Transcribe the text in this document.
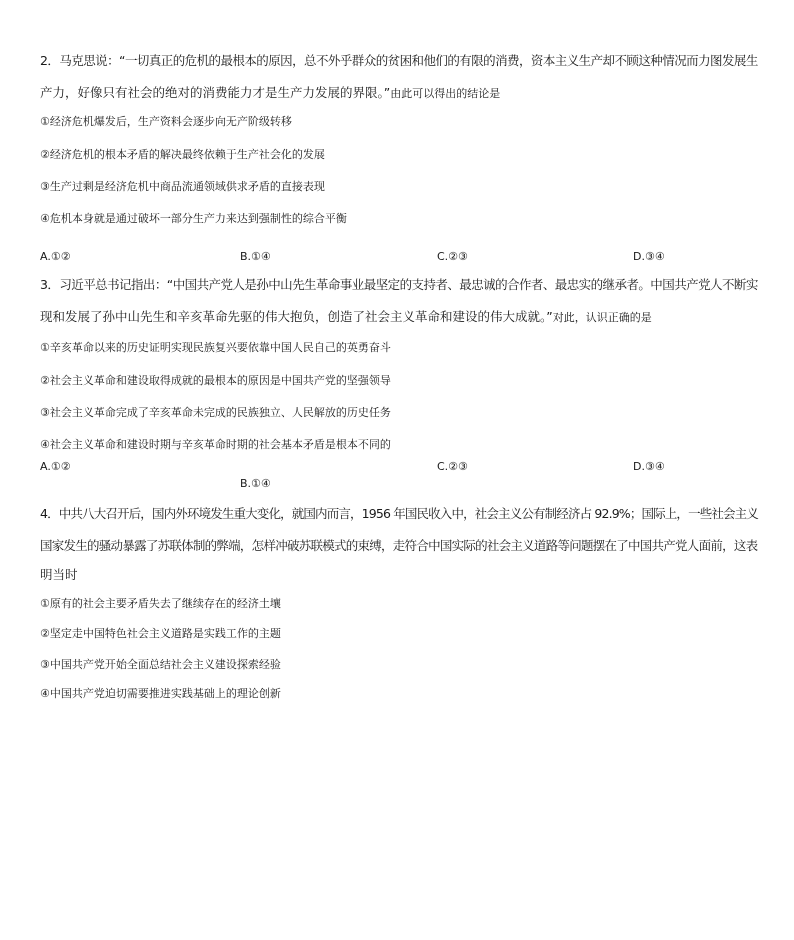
2．马克思说：“一切真正的危机的最根本的原因，总不外乎群众的贫困和他们的有限的消费，资本主义生产却不顾这种情况而力图发展生
产力，好像只有社会的绝对的消费能力才是生产力发展的界限。”由此可以得出的结论是
①经济危机爆发后，生产资料会逐步向无产阶级转移
②经济危机的根本矛盾的解决最终依赖于生产社会化的发展
③生产过剩是经济危机中商品流通领域供求矛盾的直接表现
④危机本身就是通过破坏一部分生产力来达到强制性的综合平衡
A.①②	B.①④	C.②③	D.③④
3．习近平总书记指出：“中国共产党人是孙中山先生革命事业最坚定的支持者、最忠诚的合作者、最忠实的继承者。中国共产党人不断实
现和发展了孙中山先生和辛亥革命先驱的伟大抱负，创造了社会主义革命和建设的伟大成就。”对此，认识正确的是
①辛亥革命以来的历史证明实现民族复兴要依靠中国人民自己的英勇奋斗
②社会主义革命和建设取得成就的最根本的原因是中国共产党的坚强领导
③社会主义革命完成了辛亥革命未完成的民族独立、人民解放的历史任务
④社会主义革命和建设时期与辛亥革命时期的社会基本矛盾是根本不同的
A.①②
B.①④
C.②③	D.③④
4．中共八大召开后，国内外环境发生重大变化，就国内而言，1956 年国民收入中，社会主义公有制经济占 92.9%；国际上，一些社会主义
国家发生的骚动暴露了苏联体制的弊端，怎样冲破苏联模式的束缚，走符合中国实际的社会主义道路等问题摆在了中国共产党人面前，这表
明当时
①原有的社会主要矛盾失去了继续存在的经济土壤
②坚定走中国特色社会主义道路是实践工作的主题
③中国共产党开始全面总结社会主义建设探索经验
④中国共产党迫切需要推进实践基础上的理论创新
